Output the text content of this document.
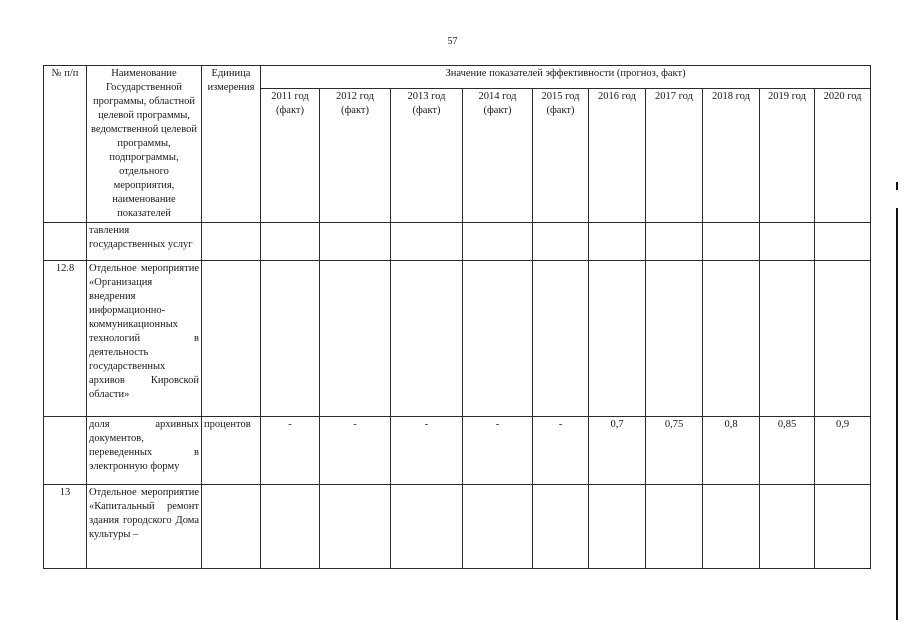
57
№ п/п	Наименование Государственной программы, областной целевой программы, ведомственной целевой программы, подпрограммы, отдельного мероприятия, наименование показателей	Единица измерения	Значение показателей эффективности (прогноз, факт)									
			2011 год (факт)	2012 год (факт)	2013 год (факт)	2014 год (факт)	2015 год (факт)	2016 год	2017 год	2018 год	2019 год	2020 год
	тавления государственных услуг											
12.8	Отдельное мероприятие «Организация внедрения информационно-коммуникационных технологий в деятельность государственных архивов Кировской области»											
	доля архивных документов, переведенных в электронную форму	процентов	-	-	-	-	-	0,7	0,75	0,8	0,85	0,9
13	Отдельное мероприятие «Капитальный ремонт здания городского Дома культуры –											
